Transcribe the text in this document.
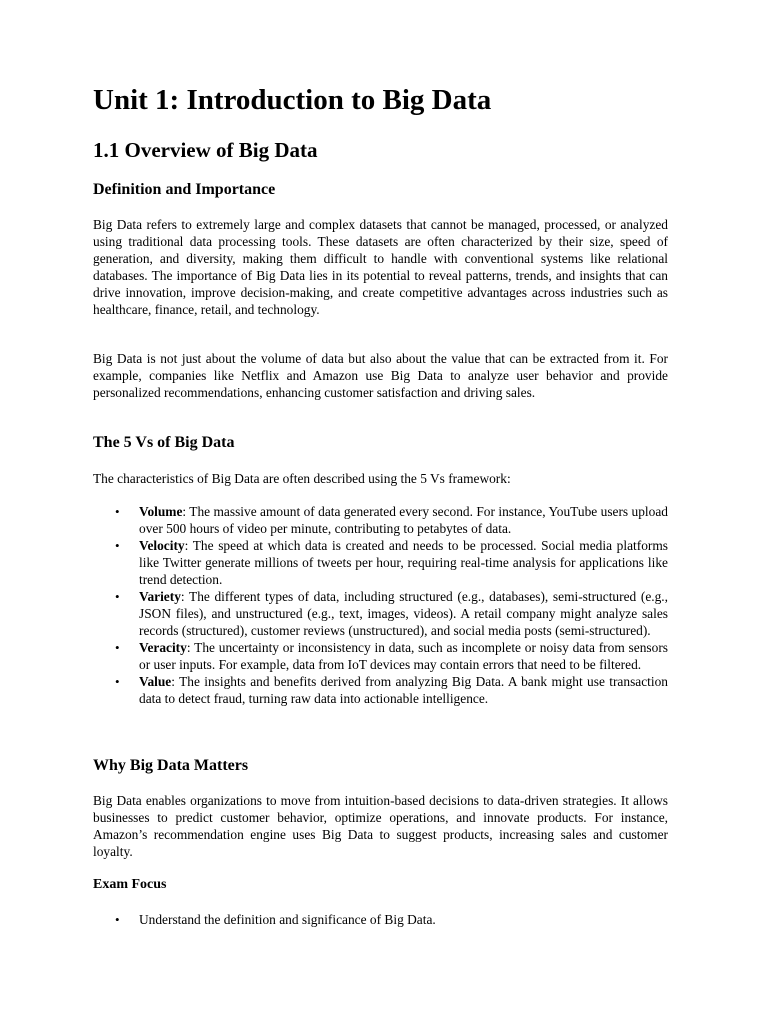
Unit 1: Introduction to Big Data
1.1 Overview of Big Data
Definition and Importance

Big Data refers to extremely large and complex datasets that cannot be managed, processed, or analyzed using traditional data processing tools. These datasets are often characterized by their size, speed of generation, and diversity, making them difficult to handle with conventional systems like relational databases. The importance of Big Data lies in its potential to reveal patterns, trends, and insights that can drive innovation, improve decision-making, and create competitive advantages across industries such as healthcare, finance, retail, and technology.

Big Data is not just about the volume of data but also about the value that can be extracted from it. For example, companies like Netflix and Amazon use Big Data to analyze user behavior and provide personalized recommendations, enhancing customer satisfaction and driving sales.

The 5 Vs of Big Data

The characteristics of Big Data are often described using the 5 Vs framework:

• Volume: The massive amount of data generated every second. For instance, YouTube users upload over 500 hours of video per minute, contributing to petabytes of data.
• Velocity: The speed at which data is created and needs to be processed. Social media platforms like Twitter generate millions of tweets per hour, requiring real-time analysis for applications like trend detection.
• Variety: The different types of data, including structured (e.g., databases), semi-structured (e.g., JSON files), and unstructured (e.g., text, images, videos). A retail company might analyze sales records (structured), customer reviews (unstructured), and social media posts (semi-structured).
• Veracity: The uncertainty or inconsistency in data, such as incomplete or noisy data from sensors or user inputs. For example, data from IoT devices may contain errors that need to be filtered.
• Value: The insights and benefits derived from analyzing Big Data. A bank might use transaction data to detect fraud, turning raw data into actionable intelligence.
Why Big Data Matters

Big Data enables organizations to move from intuition-based decisions to data-driven strategies. It allows businesses to predict customer behavior, optimize operations, and innovate products. For instance, Amazon’s recommendation engine uses Big Data to suggest products, increasing sales and customer loyalty.

Exam Focus
• Understand the definition and significance of Big Data.
